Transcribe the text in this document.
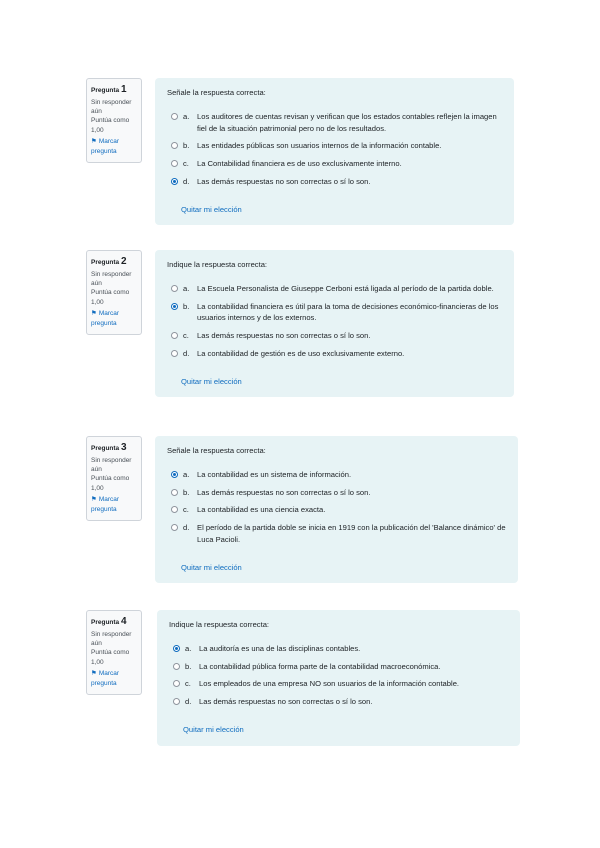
Pregunta 1
Sin responder aún
Puntúa como 1,00
⚑ Marcar pregunta
Señale la respuesta correcta:
a.	Los auditores de cuentas revisan y verifican que los estados contables reflejen la imagen fiel de la situación patrimonial pero no de los resultados.
b.	Las entidades públicas son usuarios internos de la información contable.
c.	La Contabilidad financiera es de uso exclusivamente interno.
d.	Las demás respuestas no son correctas o sí lo son.
Quitar mi elección
Pregunta 2
Sin responder aún
Puntúa como 1,00
⚑ Marcar pregunta
Indique la respuesta correcta:
a.	La Escuela Personalista de Giuseppe Cerboni está ligada al período de la partida doble.
b.	La contabilidad financiera es útil para la toma de decisiones económico-financieras de los usuarios internos y de los externos.
c.	Las demás respuestas no son correctas o sí lo son.
d.	La contabilidad de gestión es de uso exclusivamente externo.
Quitar mi elección
Pregunta 3
Sin responder aún
Puntúa como 1,00
⚑ Marcar pregunta
Señale la respuesta correcta:
a.	La contabilidad es un sistema de información.
b.	Las demás respuestas no son correctas o sí lo son.
c.	La contabilidad es una ciencia exacta.
d.	El período de la partida doble se inicia en 1919 con la publicación del 'Balance dinámico' de Luca Pacioli.
Quitar mi elección
Pregunta 4
Sin responder aún
Puntúa como 1,00
⚑ Marcar pregunta
Indique la respuesta correcta:
a.	La auditoría es una de las disciplinas contables.
b.	La contabilidad pública forma parte de la contabilidad macroeconómica.
c.	Los empleados de una empresa NO son usuarios de la información contable.
d.	Las demás respuestas no son correctas o sí lo son.
Quitar mi elección
